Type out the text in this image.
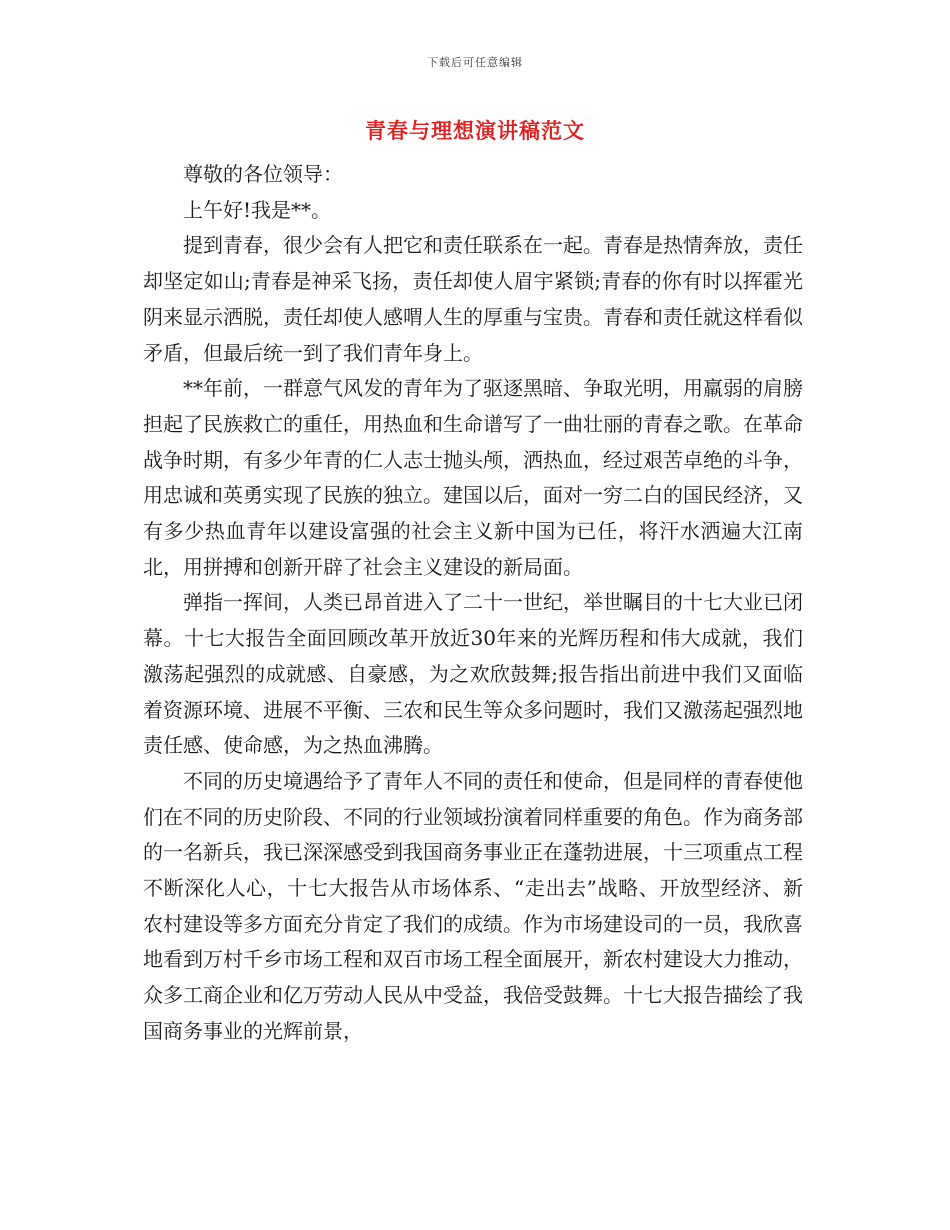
下载后可任意编辑
青春与理想演讲稿范文

尊敬的各位领导：

上午好!我是**。

提到青春，很少会有人把它和责任联系在一起。青春是热情奔放，责任却坚定如山;青春是神采飞扬，责任却使人眉宇紧锁;青春的你有时以挥霍光阴来显示洒脱，责任却使人感喟人生的厚重与宝贵。青春和责任就这样看似矛盾，但最后统一到了我们青年身上。

**年前，一群意气风发的青年为了驱逐黑暗、争取光明，用羸弱的肩膀担起了民族救亡的重任，用热血和生命谱写了一曲壮丽的青春之歌。在革命战争时期，有多少年青的仁人志士抛头颅，洒热血，经过艰苦卓绝的斗争，用忠诚和英勇实现了民族的独立。建国以后，面对一穷二白的国民经济，又有多少热血青年以建设富强的社会主义新中国为已任，将汗水洒遍大江南北，用拼搏和创新开辟了社会主义建设的新局面。

弹指一挥间，人类已昂首进入了二十一世纪，举世瞩目的十七大业已闭幕。十七大报告全面回顾改革开放近30年来的光辉历程和伟大成就，我们激荡起强烈的成就感、自豪感，为之欢欣鼓舞;报告指出前进中我们又面临着资源环境、进展不平衡、三农和民生等众多问题时，我们又激荡起强烈地责任感、使命感，为之热血沸腾。

不同的历史境遇给予了青年人不同的责任和使命，但是同样的青春使他们在不同的历史阶段、不同的行业领域扮演着同样重要的角色。作为商务部的一名新兵，我已深深感受到我国商务事业正在蓬勃进展，十三项重点工程不断深化人心，十七大报告从市场体系、“走出去”战略、开放型经济、新农村建设等多方面充分肯定了我们的成绩。作为市场建设司的一员，我欣喜地看到万村千乡市场工程和双百市场工程全面展开，新农村建设大力推动，众多工商企业和亿万劳动人民从中受益，我倍受鼓舞。十七大报告描绘了我国商务事业的光辉前景，
